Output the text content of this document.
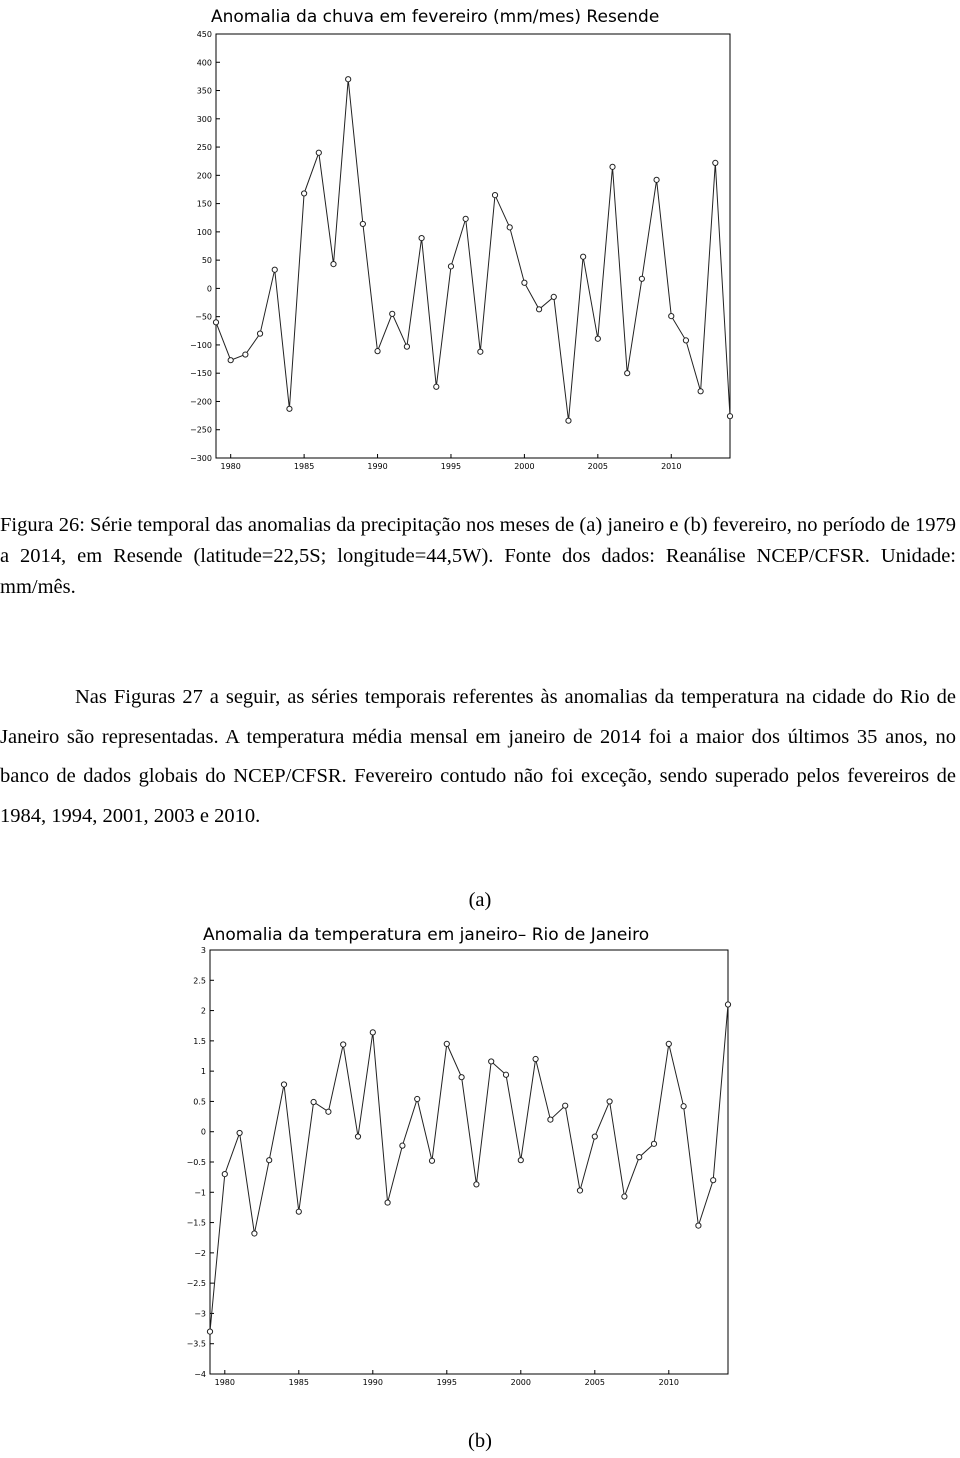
Anomalia da chuva em fevereiro (mm/mes) Resende
450
400
350
300
250
200
150
100
50
0
−50
−100
−150
−200
−250
−300
1980	1985	1990	1995	2000	2005	2010

Figura 26: Série temporal das anomalias da precipitação nos meses de (a) janeiro e (b) fevereiro, no período de 1979 a 2014, em Resende (latitude=22,5S; longitude=44,5W). Fonte dos dados: Reanálise NCEP/CFSR. Unidade: mm/mês.

Nas Figuras 27 a seguir, as séries temporais referentes às anomalias da temperatura na cidade do Rio de Janeiro são representadas. A temperatura média mensal em janeiro de 2014 foi a maior dos últimos 35 anos, no banco de dados globais do NCEP/CFSR. Fevereiro contudo não foi exceção, sendo superado pelos fevereiros de 1984, 1994, 2001, 2003 e 2010.

(a)

Anomalia da temperatura em janeiro– Rio de Janeiro
3
2.5
2
1.5
1
0.5
0
−0.5
−1
−1.5
−2
−2.5
−3
−3.5
−4
1980	1985	1990	1995	2000	2005	2010

(b)
